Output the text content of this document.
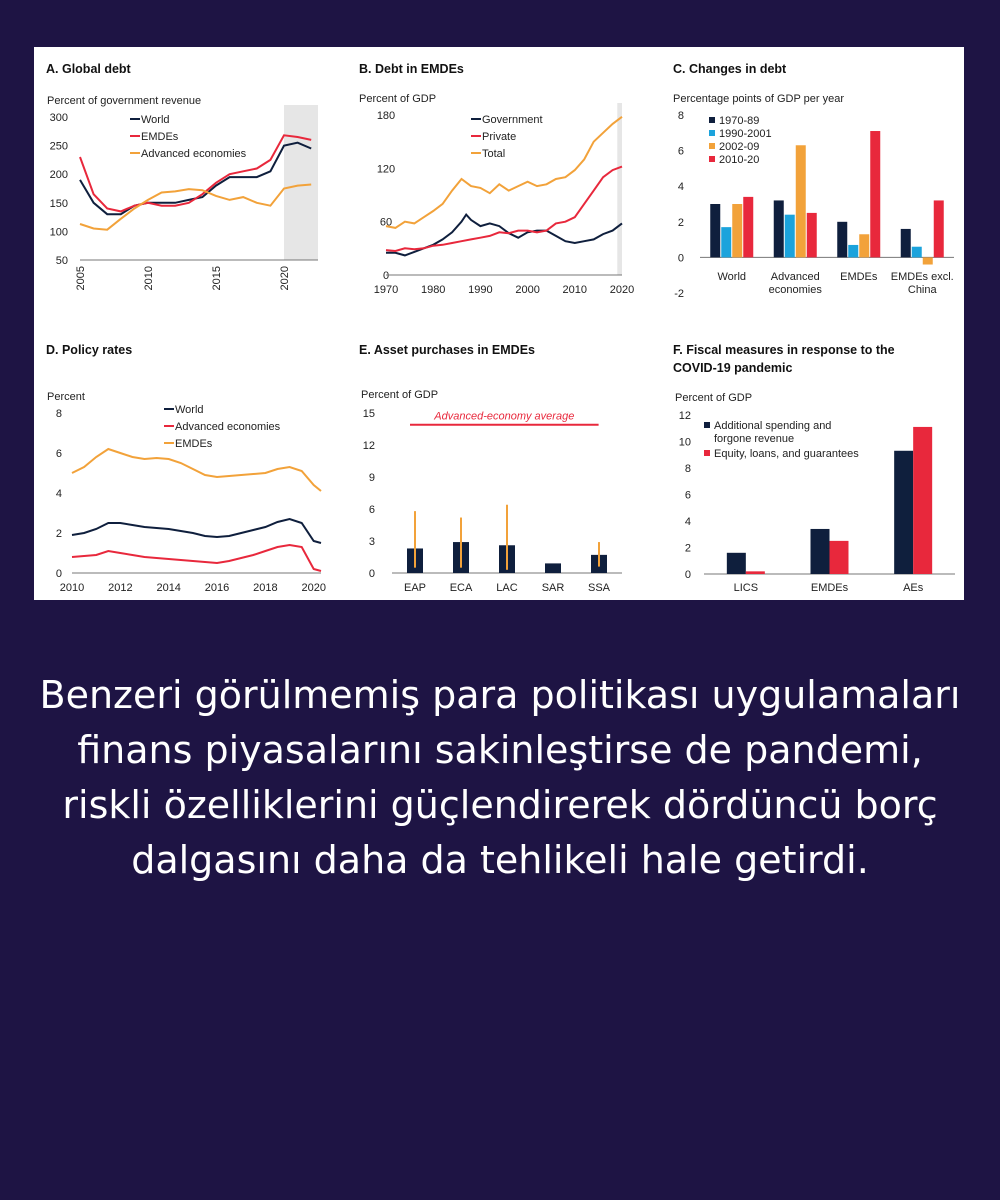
A. Global debt
Percent of government revenue
50
100
150
200
250
300
2005	2010	2015	2020
World
EMDEs
Advanced economies
B. Debt in EMDEs
Percent of GDP
0
60
120
180
1970 1980 1990 2000 2010 2020
Government
Private
Total
D. Policy rates
Percent
0
2
4
6
8
2010 2012 2014 2016 2018 2020
World
Advanced economies
EMDEs
C. Changes in debt
Percentage points of GDP per year
-2
0
2
4
6
8
World Advanced economies
EMDEs EMDEs excl. China
1970-89
1990-2001
2002-09
2010-20
E. Asset purchases in EMDEs
Percent of GDP
0
3
6
9
12
15	Advanced-economy average
EAP ECA LAC SAR SSA
F. Fiscal measures in response to the COVID-19 pandemic
Percent of GDP
0
2
4
6
8
10
12
LICS	EMDEs	AEs
Additional spending and forgone revenue
Equity, loans, and guarantees
Benzeri görülmemiş para politikası uygulamaları finans piyasalarını sakinleştirse de pandemi, riskli özelliklerini güçlendirerek dördüncü borç dalgasını daha da tehlikeli hale getirdi.
